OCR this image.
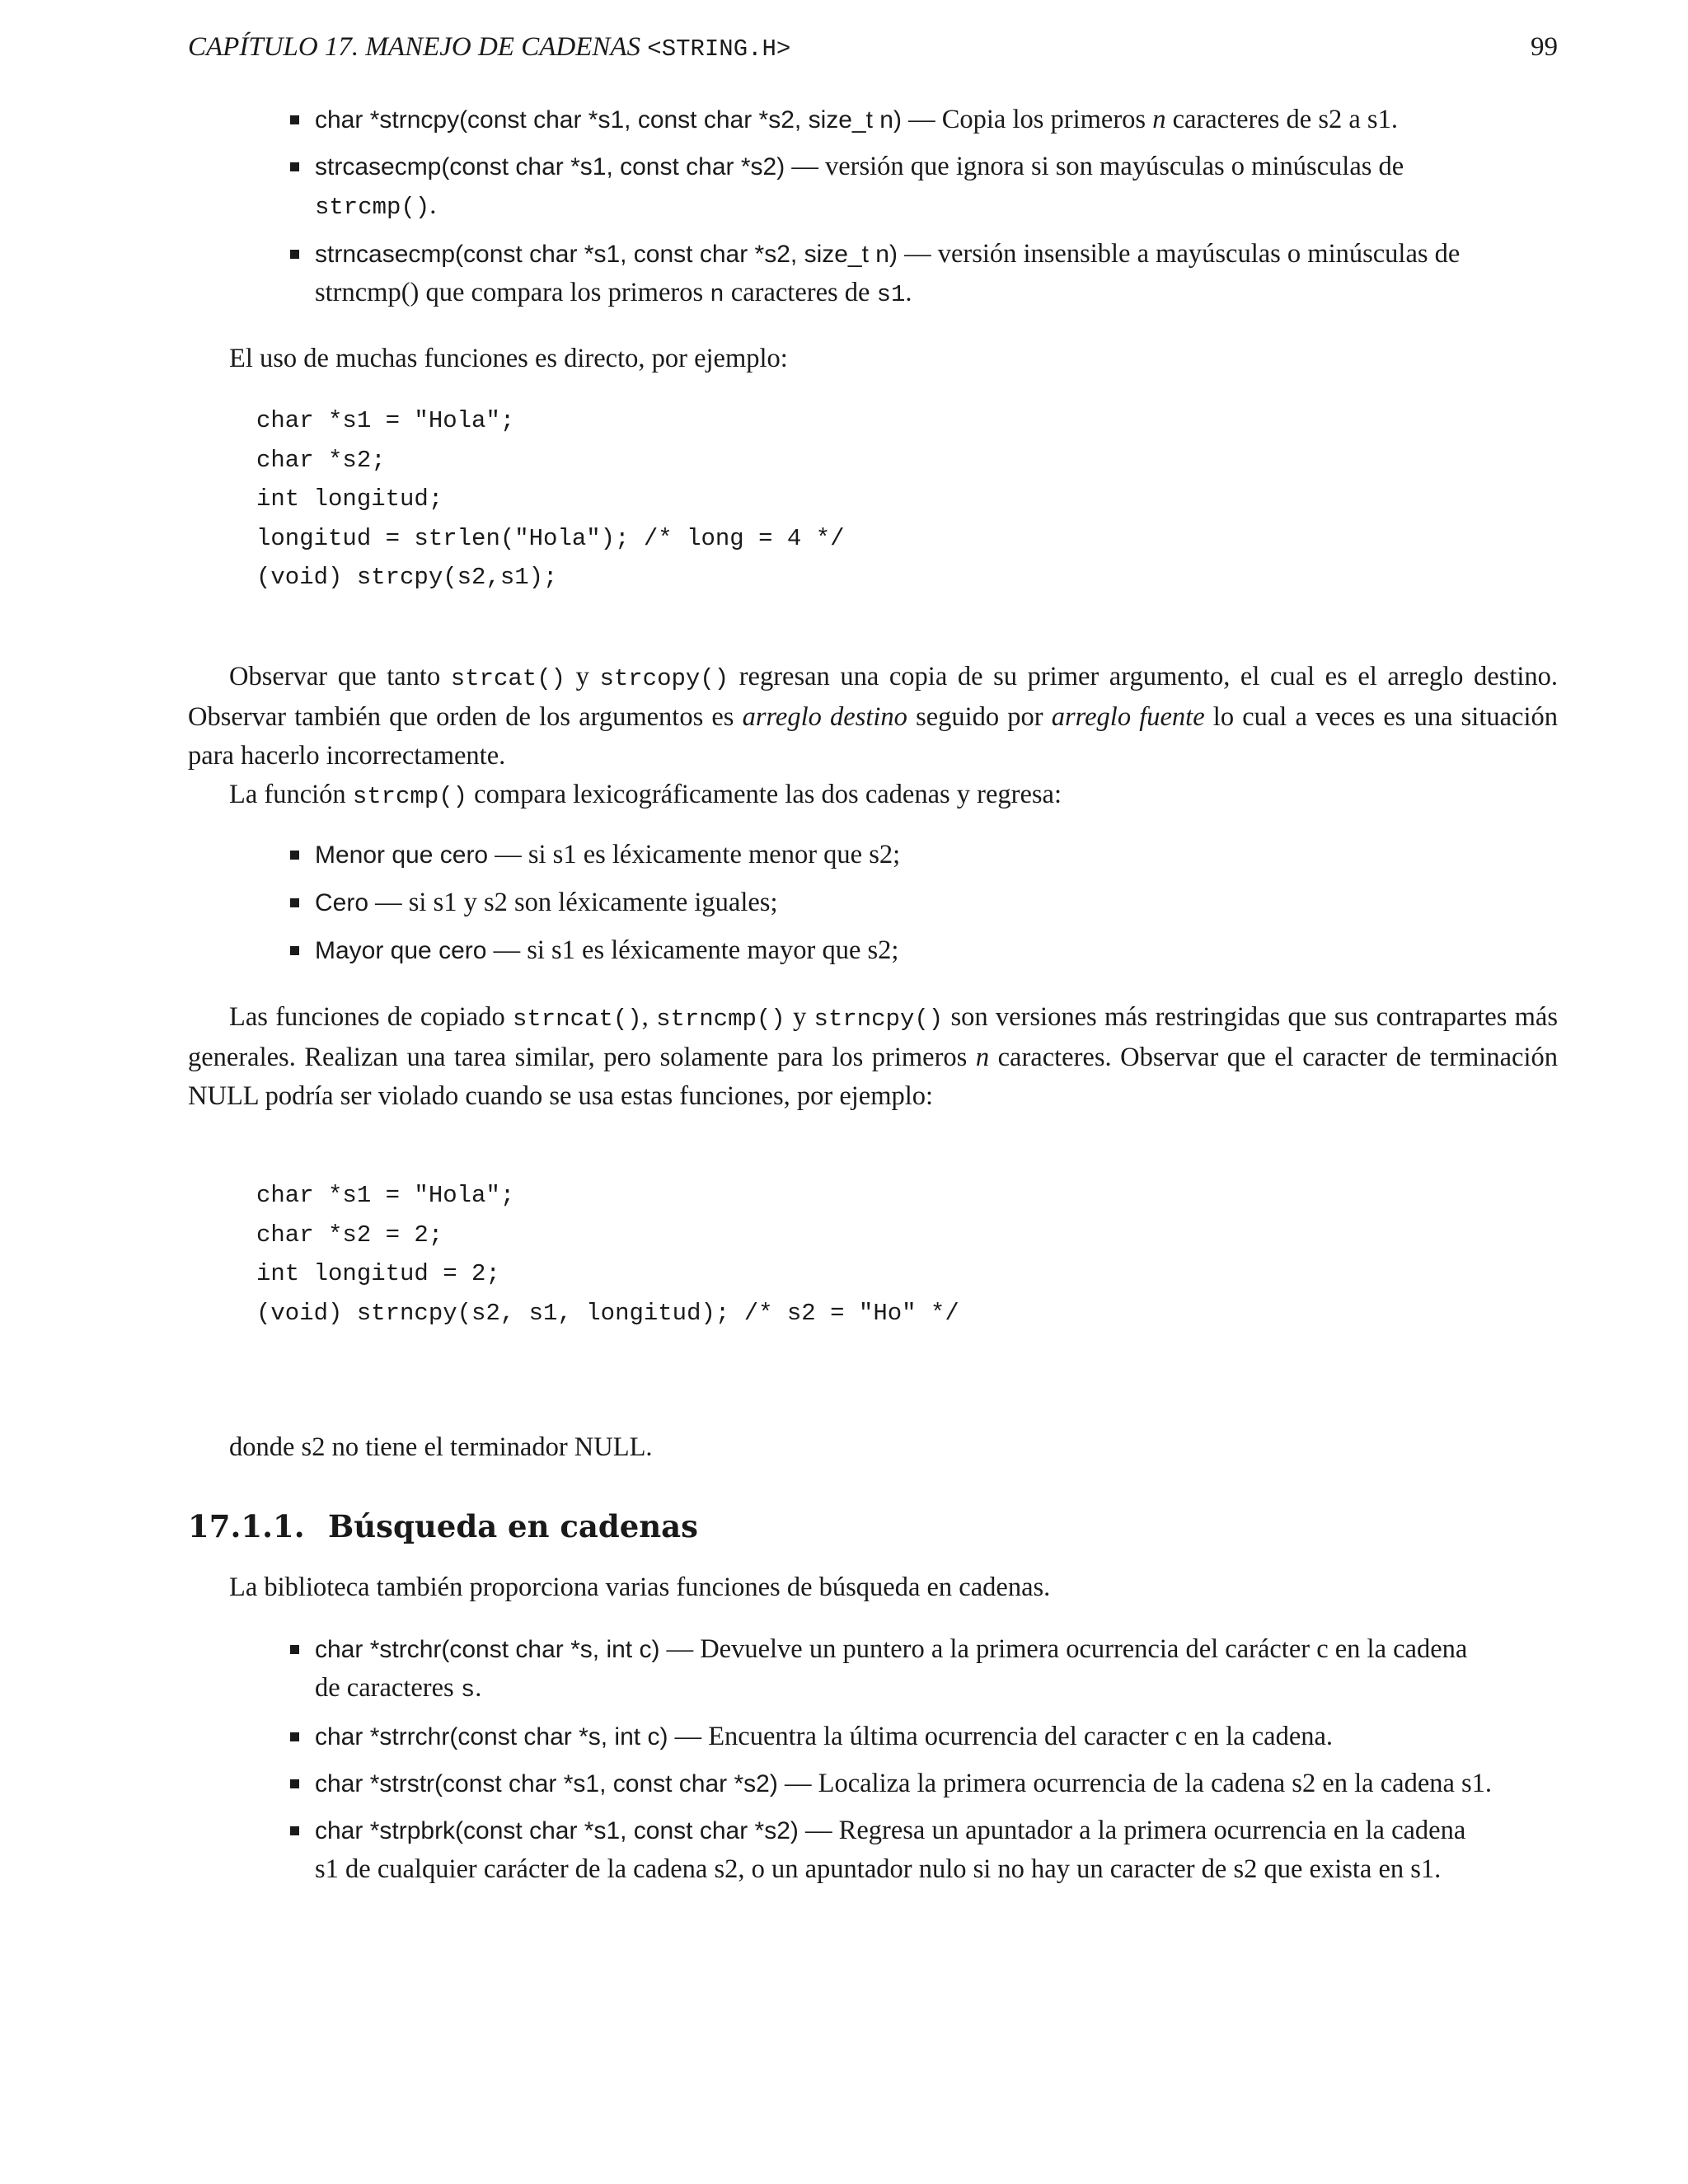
CAPÍTULO 17. MANEJO DE CADENAS <STRING.H>	99
char *strncpy(const char *s1, const char *s2, size_t n) — Copia los primeros n caracteres de s2 a s1.
strcasecmp(const char *s1, const char *s2) — versión que ignora si son mayúsculas o minúsculas de strcmp().
strncasecmp(const char *s1, const char *s2, size_t n) — versión insensible a mayúsculas o minúsculas de strncmp() que compara los primeros n caracteres de s1.

El uso de muchas funciones es directo, por ejemplo:

char *s1 = "Hola";
char *s2;
int longitud;
longitud = strlen("Hola"); /* long = 4 */
(void) strcpy(s2,s1);

Observar que tanto strcat() y strcopy() regresan una copia de su primer argumento, el cual es el arreglo destino. Observar también que orden de los argumentos es arreglo destino seguido por arreglo fuente lo cual a veces es una situación para hacerlo incorrectamente.

La función strcmp() compara lexicográficamente las dos cadenas y regresa:

Menor que cero — si s1 es léxicamente menor que s2;
Cero — si s1 y s2 son léxicamente iguales;
Mayor que cero — si s1 es léxicamente mayor que s2;

Las funciones de copiado strncat(), strncmp() y strncpy() son versiones más restringidas que sus contrapartes más generales. Realizan una tarea similar, pero solamente para los primeros n caracteres. Observar que el caracter de terminación NULL podría ser violado cuando se usa estas funciones, por ejemplo:

char *s1 = "Hola";
char *s2 = 2;
int longitud = 2;
(void) strncpy(s2, s1, longitud); /* s2 = "Ho" */

donde s2 no tiene el terminador NULL.

17.1.1. Búsqueda en cadenas

La biblioteca también proporciona varias funciones de búsqueda en cadenas.

char *strchr(const char *s, int c) — Devuelve un puntero a la primera ocurrencia del carácter c en la cadena de caracteres s.
char *strrchr(const char *s, int c) — Encuentra la última ocurrencia del caracter c en la cadena.
char *strstr(const char *s1, const char *s2) — Localiza la primera ocurrencia de la cadena s2 en la cadena s1.
char *strpbrk(const char *s1, const char *s2) — Regresa un apuntador a la primera ocurrencia en la cadena s1 de cualquier carácter de la cadena s2, o un apuntador nulo si no hay un caracter de s2 que exista en s1.
